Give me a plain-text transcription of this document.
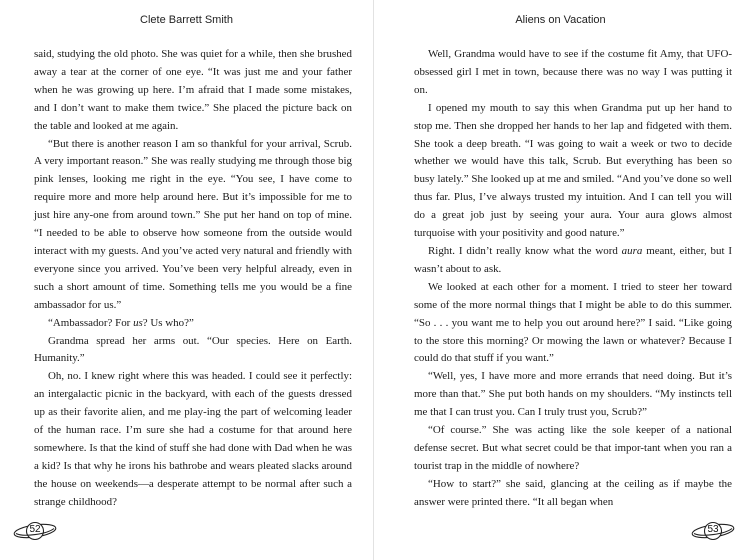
Clete Barrett Smith

said, studying the old photo. She was quiet for a while, then she brushed away a tear at the corner of one eye. “It was just me and your father when he was growing up here. I’m afraid that I made some mistakes, and I don’t want to make them twice.” She placed the picture back on the table and looked at me again.

“But there is another reason I am so thankful for your arrival, Scrub. A very important reason.” She was really studying me through those big pink lenses, looking me right in the eye. “You see, I have come to require more and more help around here. But it’s impossible for me to just hire any-one from around town.” She put her hand on top of mine. “I needed to be able to observe how someone from the outside would interact with my guests. And you’ve acted very natural and friendly with everyone since you arrived. You’ve been very helpful already, even in such a short amount of time. Something tells me you would be a fine ambassador for us.”

“Ambassador? For us? Us who?”

Grandma spread her arms out. “Our species. Here on Earth. Humanity.”

Oh, no. I knew right where this was headed. I could see it perfectly: an intergalactic picnic in the backyard, with each of the guests dressed up as their favorite alien, and me play-ing the part of welcoming leader of the human race. I’m sure she had a costume for that around here somewhere. Is that the kind of stuff she had done with Dad when he was a kid? Is that why he irons his bathrobe and wears pleated slacks around the house on weekends—a desperate attempt to be normal after such a strange childhood?

52
Aliens on Vacation

Well, Grandma would have to see if the costume fit Amy, that UFO-obsessed girl I met in town, because there was no way I was putting it on.

I opened my mouth to say this when Grandma put up her hand to stop me. Then she dropped her hands to her lap and fidgeted with them. She took a deep breath. “I was going to wait a week or two to decide whether we would have this talk, Scrub. But everything has been so busy lately.” She looked up at me and smiled. “And you’ve done so well thus far. Plus, I’ve always trusted my intuition. And I can tell you will do a great job just by seeing your aura. Your aura glows almost turquoise with your positivity and good nature.”

Right. I didn’t really know what the word aura meant, either, but I wasn’t about to ask.

We looked at each other for a moment. I tried to steer her toward some of the more normal things that I might be able to do this summer. “So . . . you want me to help you out around here?” I said. “Like going to the store this morning? Or mowing the lawn or whatever? Because I could do that stuff if you want.”

“Well, yes, I have more and more errands that need doing. But it’s more than that.” She put both hands on my shoulders. “My instincts tell me that I can trust you. Can I truly trust you, Scrub?”

“Of course.” She was acting like the sole keeper of a national defense secret. But what secret could be that impor-tant when you ran a tourist trap in the middle of nowhere?

“How to start?” she said, glancing at the ceiling as if maybe the answer were printed there. “It all began when

53
